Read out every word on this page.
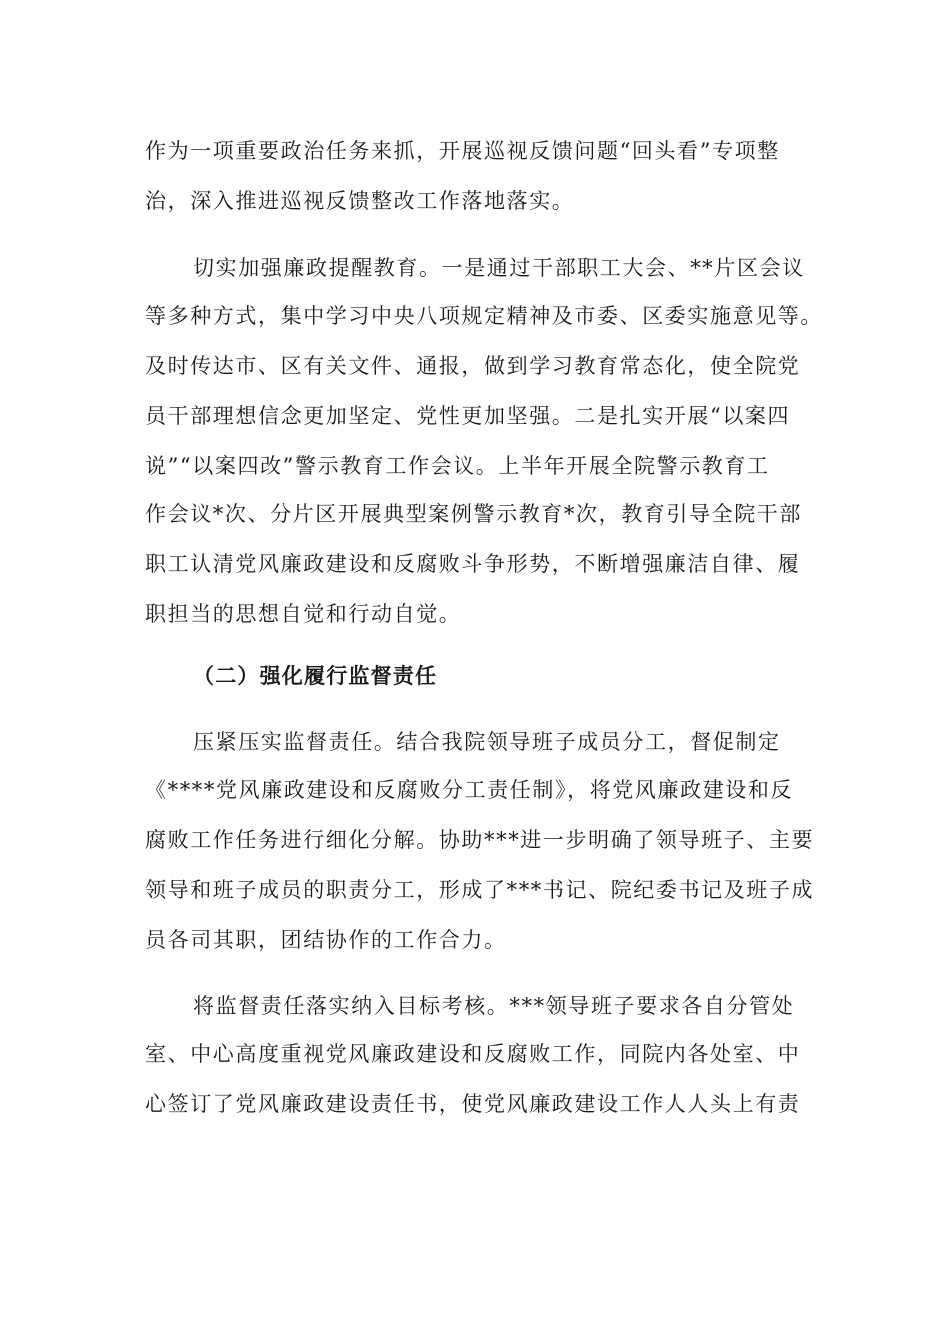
作为一项重要政治任务来抓，开展巡视反馈问题“回头看”专项整
治，深入推进巡视反馈整改工作落地落实。
切实加强廉政提醒教育。一是通过干部职工大会、**片区会议
等多种方式，集中学习中央八项规定精神及市委、区委实施意见等。
及时传达市、区有关文件、通报，做到学习教育常态化，使全院党
员干部理想信念更加坚定、党性更加坚强。二是扎实开展“以案四
说”“以案四改”警示教育工作会议。上半年开展全院警示教育工
作会议*次、分片区开展典型案例警示教育*次，教育引导全院干部
职工认清党风廉政建设和反腐败斗争形势，不断增强廉洁自律、履
职担当的思想自觉和行动自觉。
（二）强化履行监督责任
压紧压实监督责任。结合我院领导班子成员分工，督促制定
《****党风廉政建设和反腐败分工责任制》，将党风廉政建设和反
腐败工作任务进行细化分解。协助***进一步明确了领导班子、主要
领导和班子成员的职责分工，形成了***书记、院纪委书记及班子成
员各司其职，团结协作的工作合力。
将监督责任落实纳入目标考核。***领导班子要求各自分管处
室、中心高度重视党风廉政建设和反腐败工作，同院内各处室、中
心签订了党风廉政建设责任书，使党风廉政建设工作人人头上有责
